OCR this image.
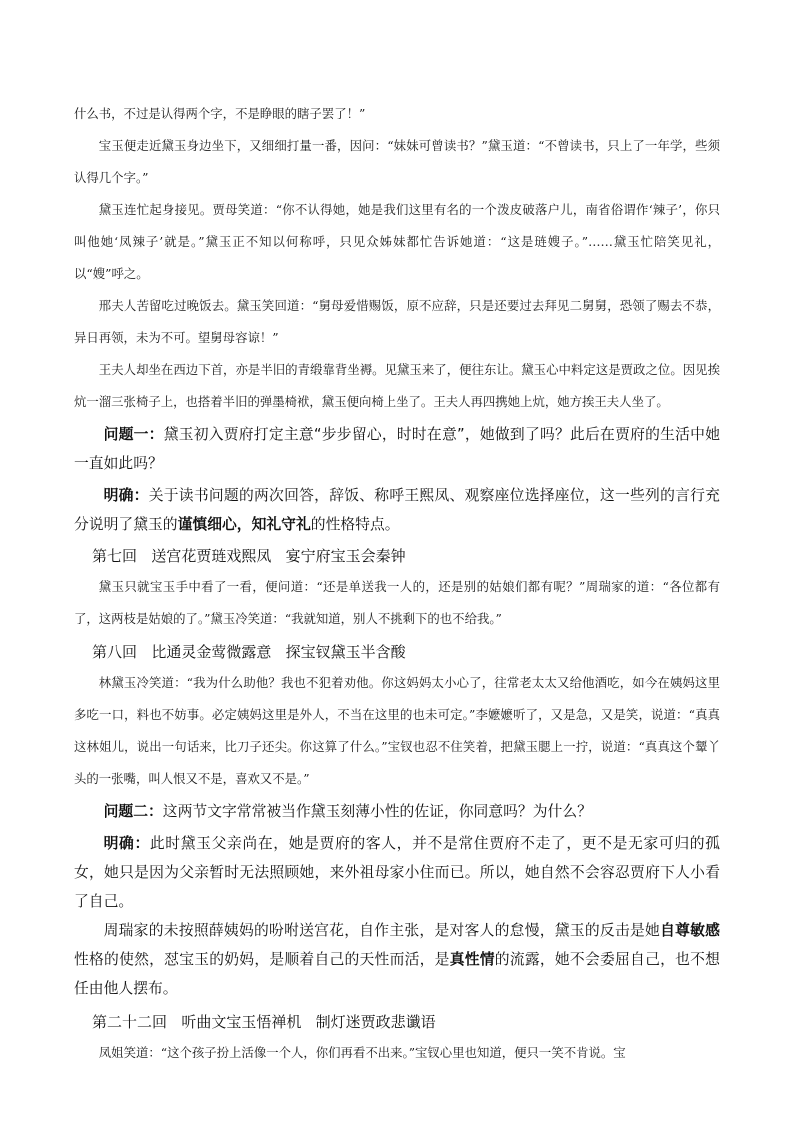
什么书，不过是认得两个字，不是睁眼的瞎子罢了！”

宝玉便走近黛玉身边坐下，又细细打量一番，因问：“妹妹可曾读书？”黛玉道：“不曾读书，只上了一年学，些须认得几个字。”

黛玉连忙起身接见。贾母笑道：“你不认得她，她是我们这里有名的一个泼皮破落户儿，南省俗谓作‘辣子’，你只叫他她‘凤辣子’就是。”黛玉正不知以何称呼，只见众姊妹都忙告诉她道：“这是琏嫂子。”……黛玉忙陪笑见礼，以“嫂”呼之。

邢夫人苦留吃过晚饭去。黛玉笑回道：“舅母爱惜赐饭，原不应辞，只是还要过去拜见二舅舅，恐领了赐去不恭，异日再领，未为不可。望舅母容谅！”

王夫人却坐在西边下首，亦是半旧的青缎靠背坐褥。见黛玉来了，便往东让。黛玉心中料定这是贾政之位。因见挨炕一溜三张椅子上，也搭着半旧的弹墨椅袱，黛玉便向椅上坐了。王夫人再四携她上炕，她方挨王夫人坐了。

问题一：黛玉初入贾府打定主意“步步留心，时时在意”，她做到了吗？此后在贾府的生活中她一直如此吗？

明确：关于读书问题的两次回答，辞饭、称呼王熙凤、观察座位选择座位，这一些列的言行充分说明了黛玉的谨慎细心，知礼守礼的性格特点。

第七回 送宫花贾琏戏熙凤 宴宁府宝玉会秦钟

黛玉只就宝玉手中看了一看，便问道：“还是单送我一人的，还是别的姑娘们都有呢？”周瑞家的道：“各位都有了，这两枝是姑娘的了。”黛玉冷笑道：“我就知道，别人不挑剩下的也不给我。”

第八回 比通灵金莺微露意 探宝钗黛玉半含酸

林黛玉冷笑道：“我为什么助他？我也不犯着劝他。你这妈妈太小心了，往常老太太又给他酒吃，如今在姨妈这里多吃一口，料也不妨事。必定姨妈这里是外人，不当在这里的也未可定。”李嬷嬷听了，又是急，又是笑，说道：“真真这林姐儿，说出一句话来，比刀子还尖。你这算了什么。”宝钗也忍不住笑着，把黛玉腮上一拧，说道：“真真这个颦丫头的一张嘴，叫人恨又不是，喜欢又不是。”

问题二：这两节文字常常被当作黛玉刻薄小性的佐证，你同意吗？为什么？

明确：此时黛玉父亲尚在，她是贾府的客人，并不是常住贾府不走了，更不是无家可归的孤女，她只是因为父亲暂时无法照顾她，来外祖母家小住而已。所以，她自然不会容忍贾府下人小看了自己。

周瑞家的未按照薛姨妈的吩咐送宫花，自作主张，是对客人的怠慢，黛玉的反击是她自尊敏感性格的使然，怼宝玉的奶妈，是顺着自己的天性而活，是真性情的流露，她不会委屈自己，也不想任由他人摆布。

第二十二回 听曲文宝玉悟禅机 制灯迷贾政悲谶语

凤姐笑道：“这个孩子扮上活像一个人，你们再看不出来。”宝钗心里也知道，便只一笑不肯说。宝
